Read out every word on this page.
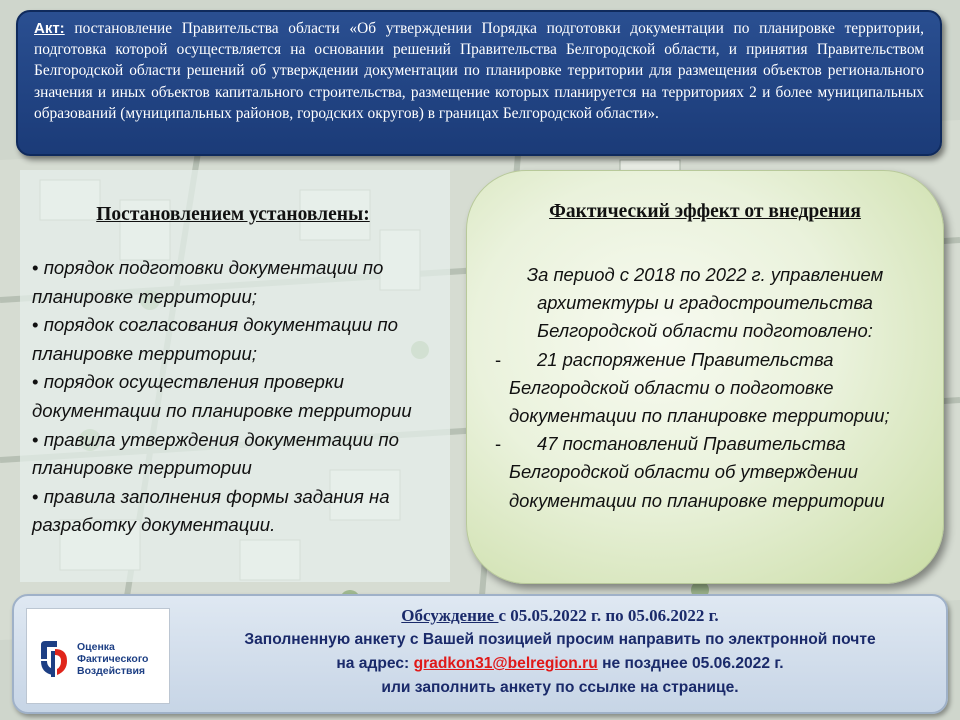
Акт: постановление Правительства области «Об утверждении Порядка подготовки документации по планировке территории, подготовка которой осуществляется на основании решений Правительства Белгородской области, и принятия Правительством Белгородской области решений об утверждении документации по планировке территории для размещения объектов регионального значения и иных объектов капитального строительства, размещение которых планируется на территориях 2 и более муниципальных образований (муниципальных районов, городских округов) в границах Белгородской области».
Постановлением установлены:
• порядок подготовки документации по планировке территории;
• порядок согласования документации по планировке территории;
• порядок осуществления проверки документации по планировке территории
• правила утверждения документации по планировке территории
• правила заполнения формы задания на разработку документации.
Фактический эффект от внедрения
За период с 2018 по 2022 г. управлением архитектуры и градостроительства Белгородской области подготовлено:
-	21 распоряжение Правительства Белгородской области о подготовке документации по планировке территории;
-	47 постановлений Правительства Белгородской области об утверждении документации по планировке территории
Оценка
Фактического
Воздействия
Обсуждение с 05.05.2022 г. по 05.06.2022 г.
Заполненную анкету с Вашей позицией просим направить по электронной почте
на адрес: gradkon31@belregion.ru не позднее 05.06.2022 г.
или заполнить анкету по ссылке на странице.
